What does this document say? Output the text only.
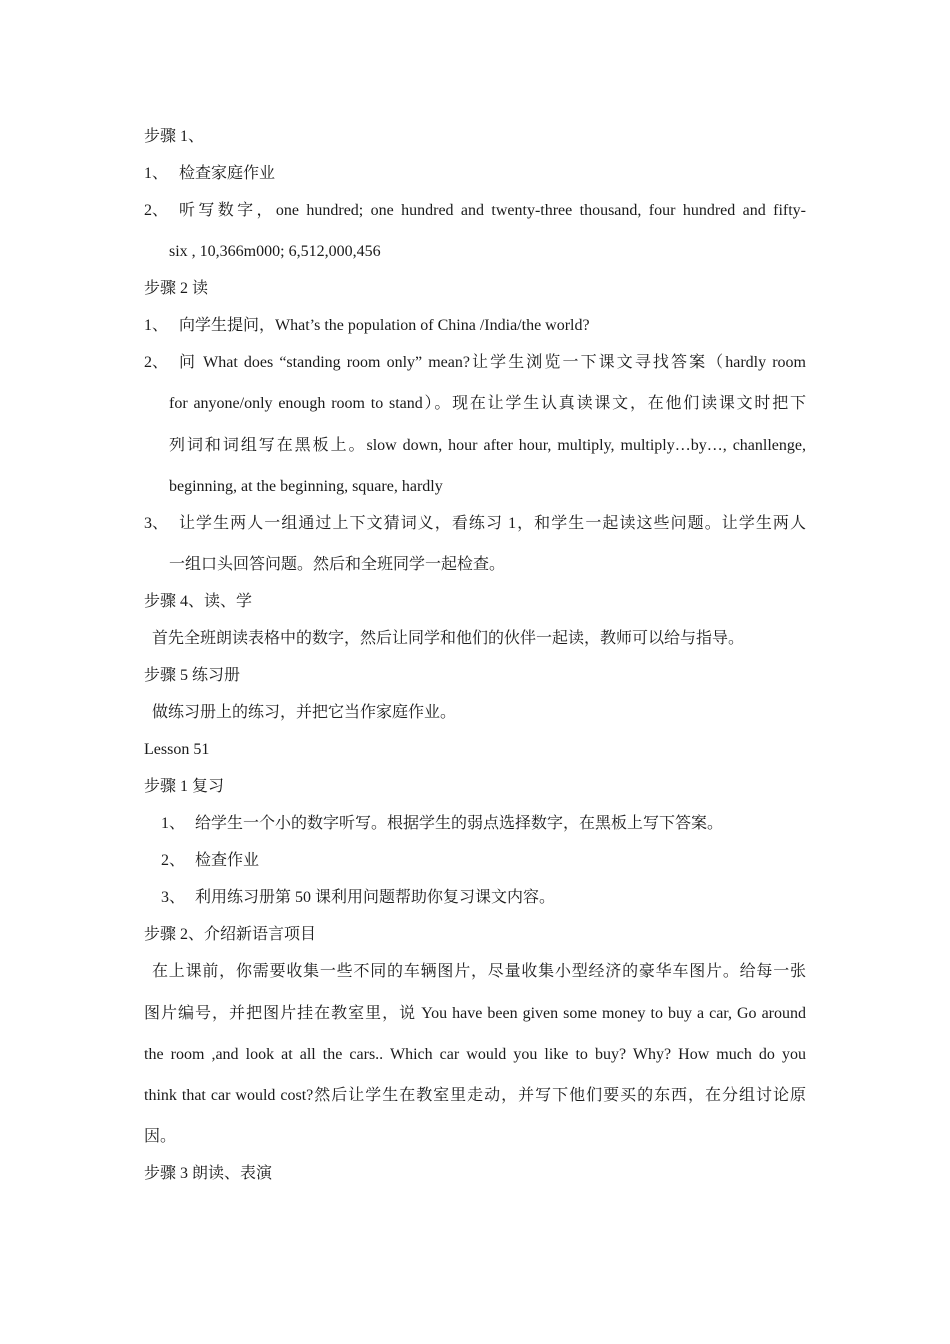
步骤 1、
1、 检查家庭作业
2、 听写数字，one hundred; one hundred and twenty-three thousand, four hundred and fifty-
six , 10,366m000; 6,512,000,456
步骤 2 读
1、 向学生提问，What’s the population of China /India/the world?
2、 问 What does “standing room only” mean?让学生浏览一下课文寻找答案（hardly room
for anyone/only enough room to stand）。现在让学生认真读课文，在他们读课文时把下
列词和词组写在黑板上。slow down, hour after hour, multiply, multiply…by…, chanllenge,
beginning, at the beginning, square, hardly
3、 让学生两人一组通过上下文猜词义，看练习 1，和学生一起读这些问题。让学生两人
一组口头回答问题。然后和全班同学一起检查。
步骤 4、读、学
首先全班朗读表格中的数字，然后让同学和他们的伙伴一起读，教师可以给与指导。
步骤 5 练习册
做练习册上的练习，并把它当作家庭作业。
Lesson 51
步骤 1 复习
1、 给学生一个小的数字听写。根据学生的弱点选择数字，在黑板上写下答案。
2、 检查作业
3、 利用练习册第 50 课利用问题帮助你复习课文内容。
步骤 2、介绍新语言项目
在上课前，你需要收集一些不同的车辆图片，尽量收集小型经济的豪华车图片。给每一张
图片编号，并把图片挂在教室里，说 You have been given some money to buy a car, Go around
the room ,and look at all the cars.. Which car would you like to buy? Why? How much do you
think that car would cost?然后让学生在教室里走动，并写下他们要买的东西，在分组讨论原
因。
步骤 3 朗读、表演
